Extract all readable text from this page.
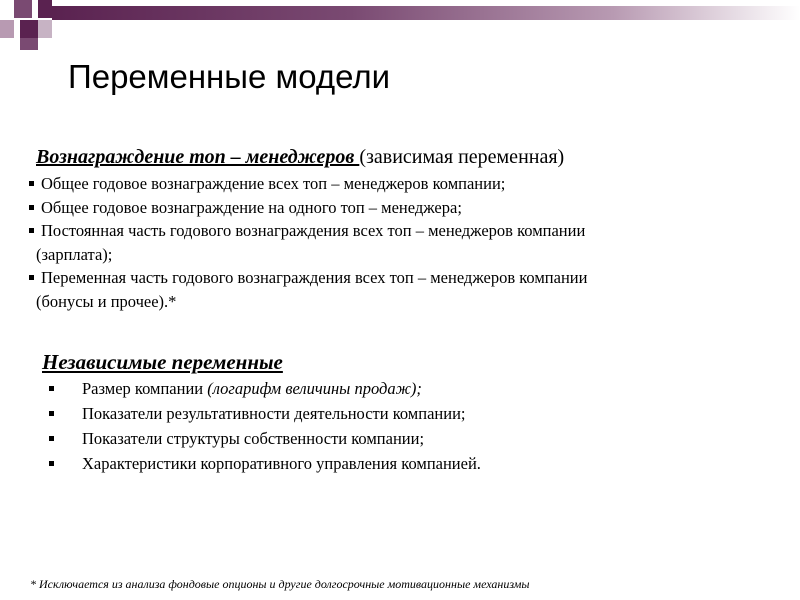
Переменные модели
Вознаграждение топ – менеджеров (зависимая переменная)
Общее годовое вознаграждение всех топ – менеджеров компании;
Общее годовое вознаграждение на одного топ – менеджера;
Постоянная часть годового вознаграждения всех топ – менеджеров компании
(зарплата);
Переменная часть годового вознаграждения всех топ – менеджеров компании
(бонусы и прочее).*
Независимые переменные
Размер компании (логарифм величины продаж);
Показатели результативности деятельности компании;
Показатели структуры собственности компании;
Характеристики корпоративного управления компанией.
* Исключается из анализа фондовые опционы и другие долгосрочные мотивационные механизмы
